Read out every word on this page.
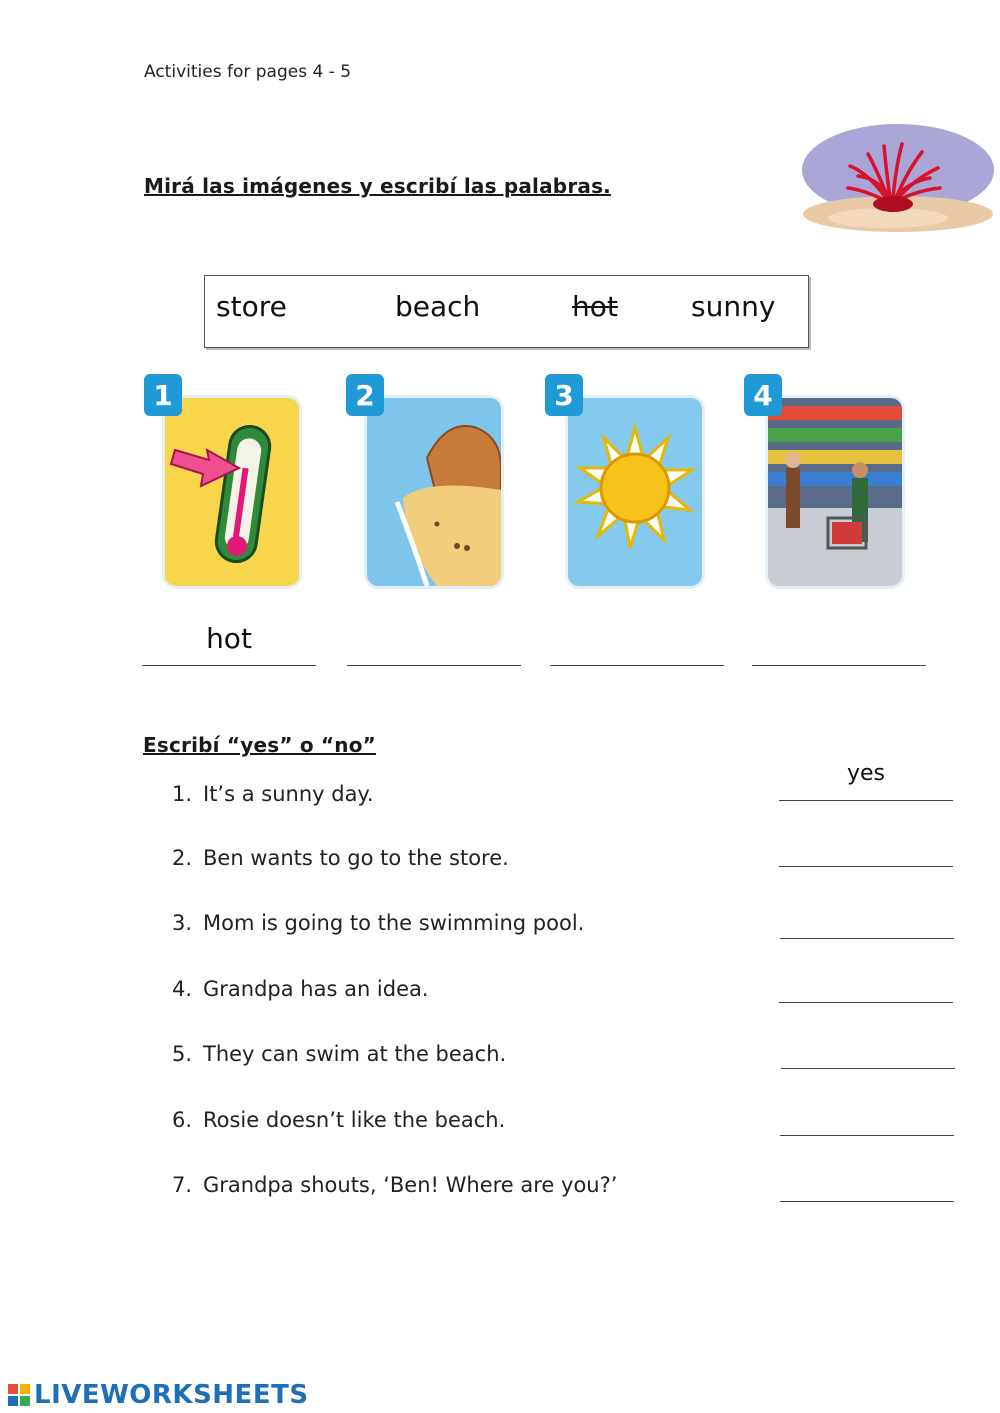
Activities for pages 4 - 5
Mirá las imágenes y escribí las palabras.
store	beach	hot	sunny
1	2	3	4
hot
Escribí “yes” o “no”
1. It’s a sunny day.
2. Ben wants to go to the store.
3. Mom is going to the swimming pool.
4. Grandpa has an idea.
5. They can swim at the beach.
6. Rosie doesn’t like the beach.
7. Grandpa shouts, ‘Ben! Where are you?’
yes
LIVEWORKSHEETS
